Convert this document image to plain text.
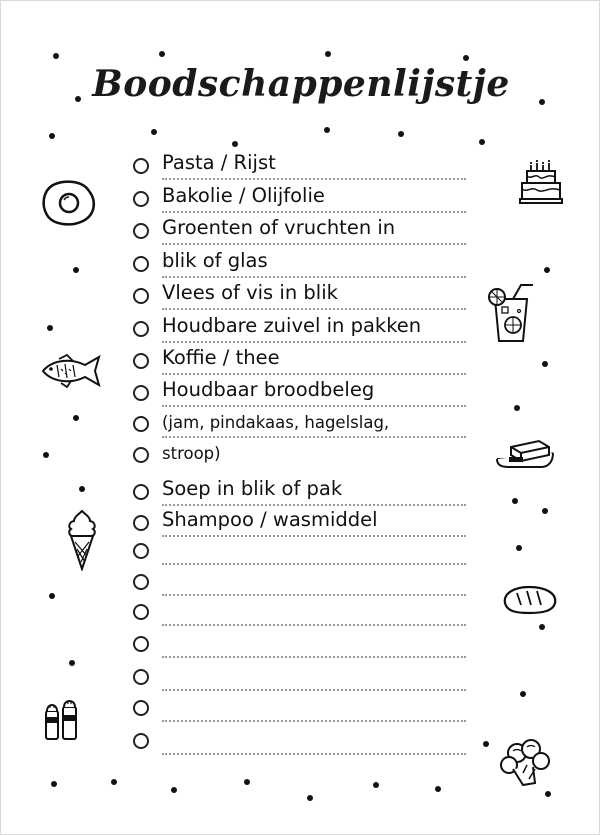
Boodschappenlijstje
Pasta / Rijst
Bakolie / Olijfolie
Groenten of vruchten in
blik of glas
Vlees of vis in blik
Houdbare zuivel in pakken
Koffie / thee
Houdbaar broodbeleg
(jam, pindakaas, hagelslag,
stroop)
Soep in blik of pak
Shampoo / wasmiddel
